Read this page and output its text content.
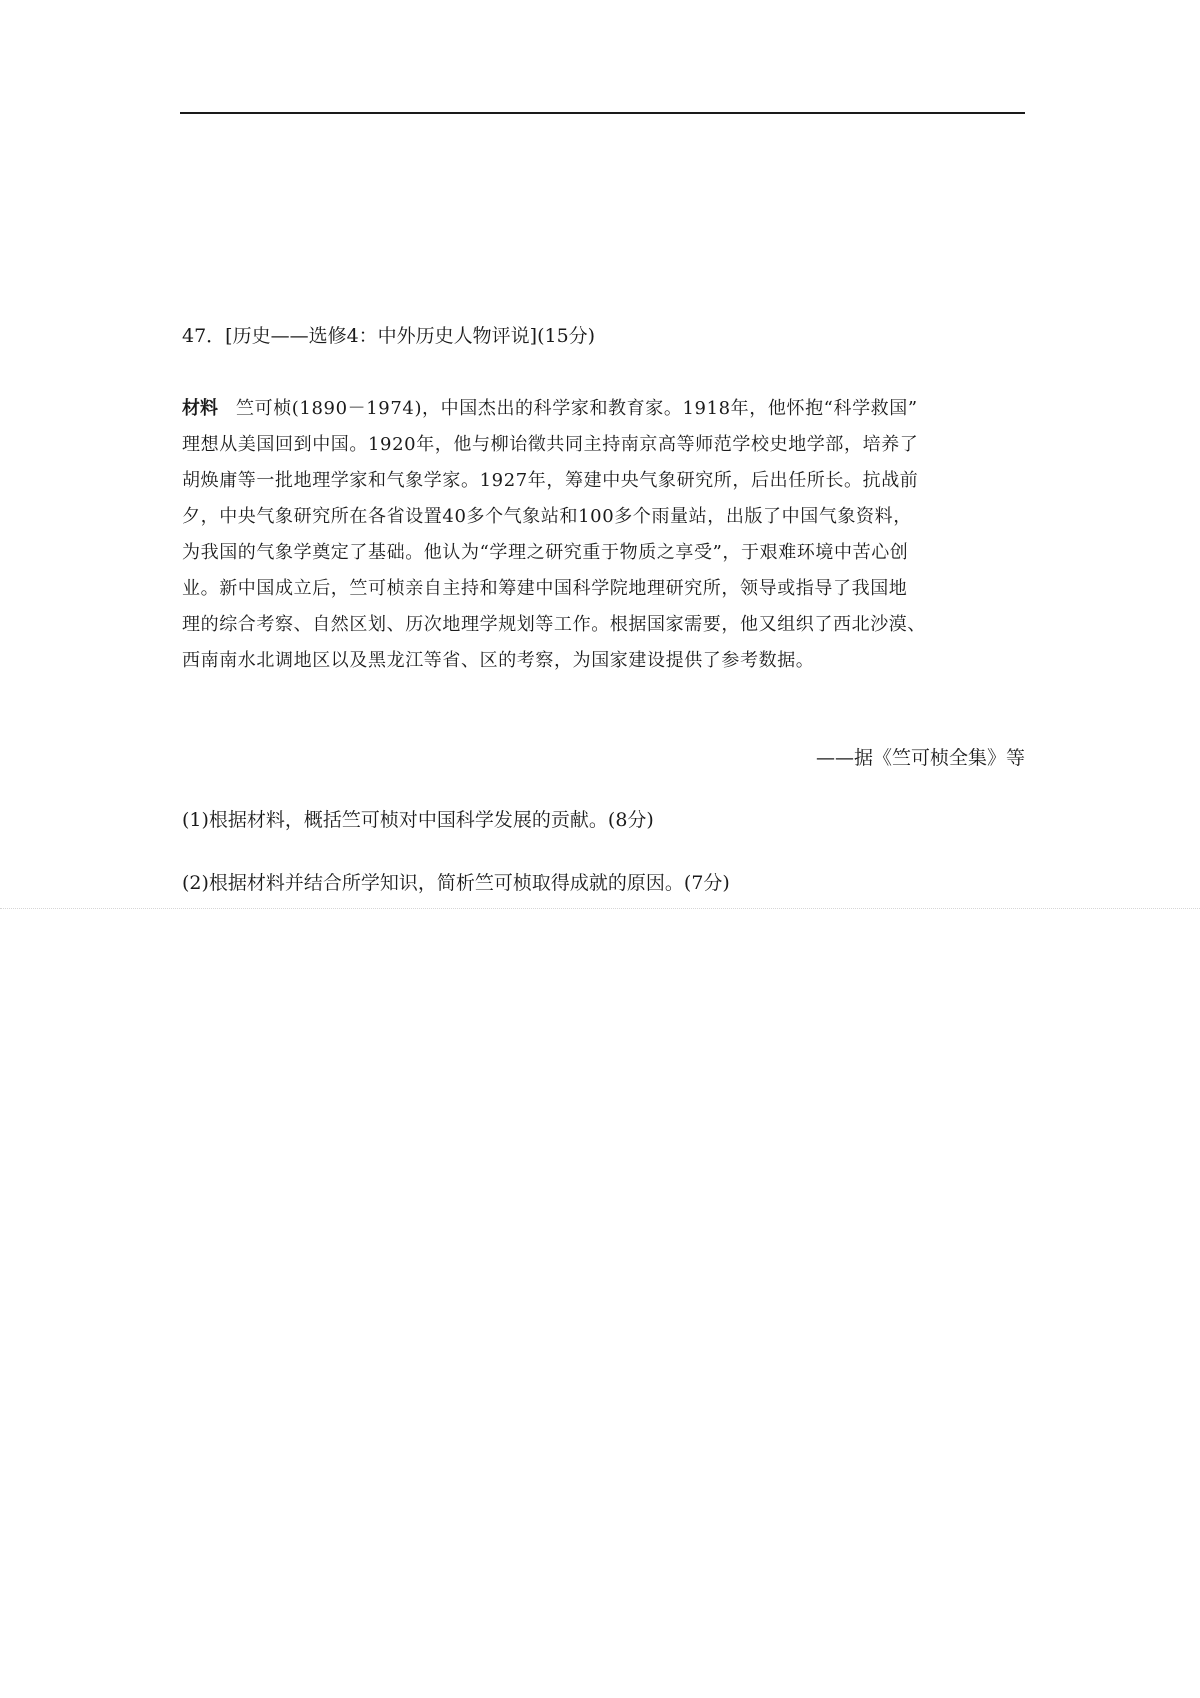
47．[历史——选修4：中外历史人物评说](15分)
材料 竺可桢(1890－1974)，中国杰出的科学家和教育家。1918年，他怀抱“科学救国”
理想从美国回到中国。1920年，他与柳诒徵共同主持南京高等师范学校史地学部，培养了
胡焕庸等一批地理学家和气象学家。1927年，筹建中央气象研究所，后出任所长。抗战前
夕，中央气象研究所在各省设置40多个气象站和100多个雨量站，出版了中国气象资料，
为我国的气象学奠定了基础。他认为“学理之研究重于物质之享受”，于艰难环境中苦心创
业。新中国成立后，竺可桢亲自主持和筹建中国科学院地理研究所，领导或指导了我国地
理的综合考察、自然区划、历次地理学规划等工作。根据国家需要，他又组织了西北沙漠、
西南南水北调地区以及黑龙江等省、区的考察，为国家建设提供了参考数据。
——据《竺可桢全集》等
(1)根据材料，概括竺可桢对中国科学发展的贡献。(8分)
(2)根据材料并结合所学知识，简析竺可桢取得成就的原因。(7分)
